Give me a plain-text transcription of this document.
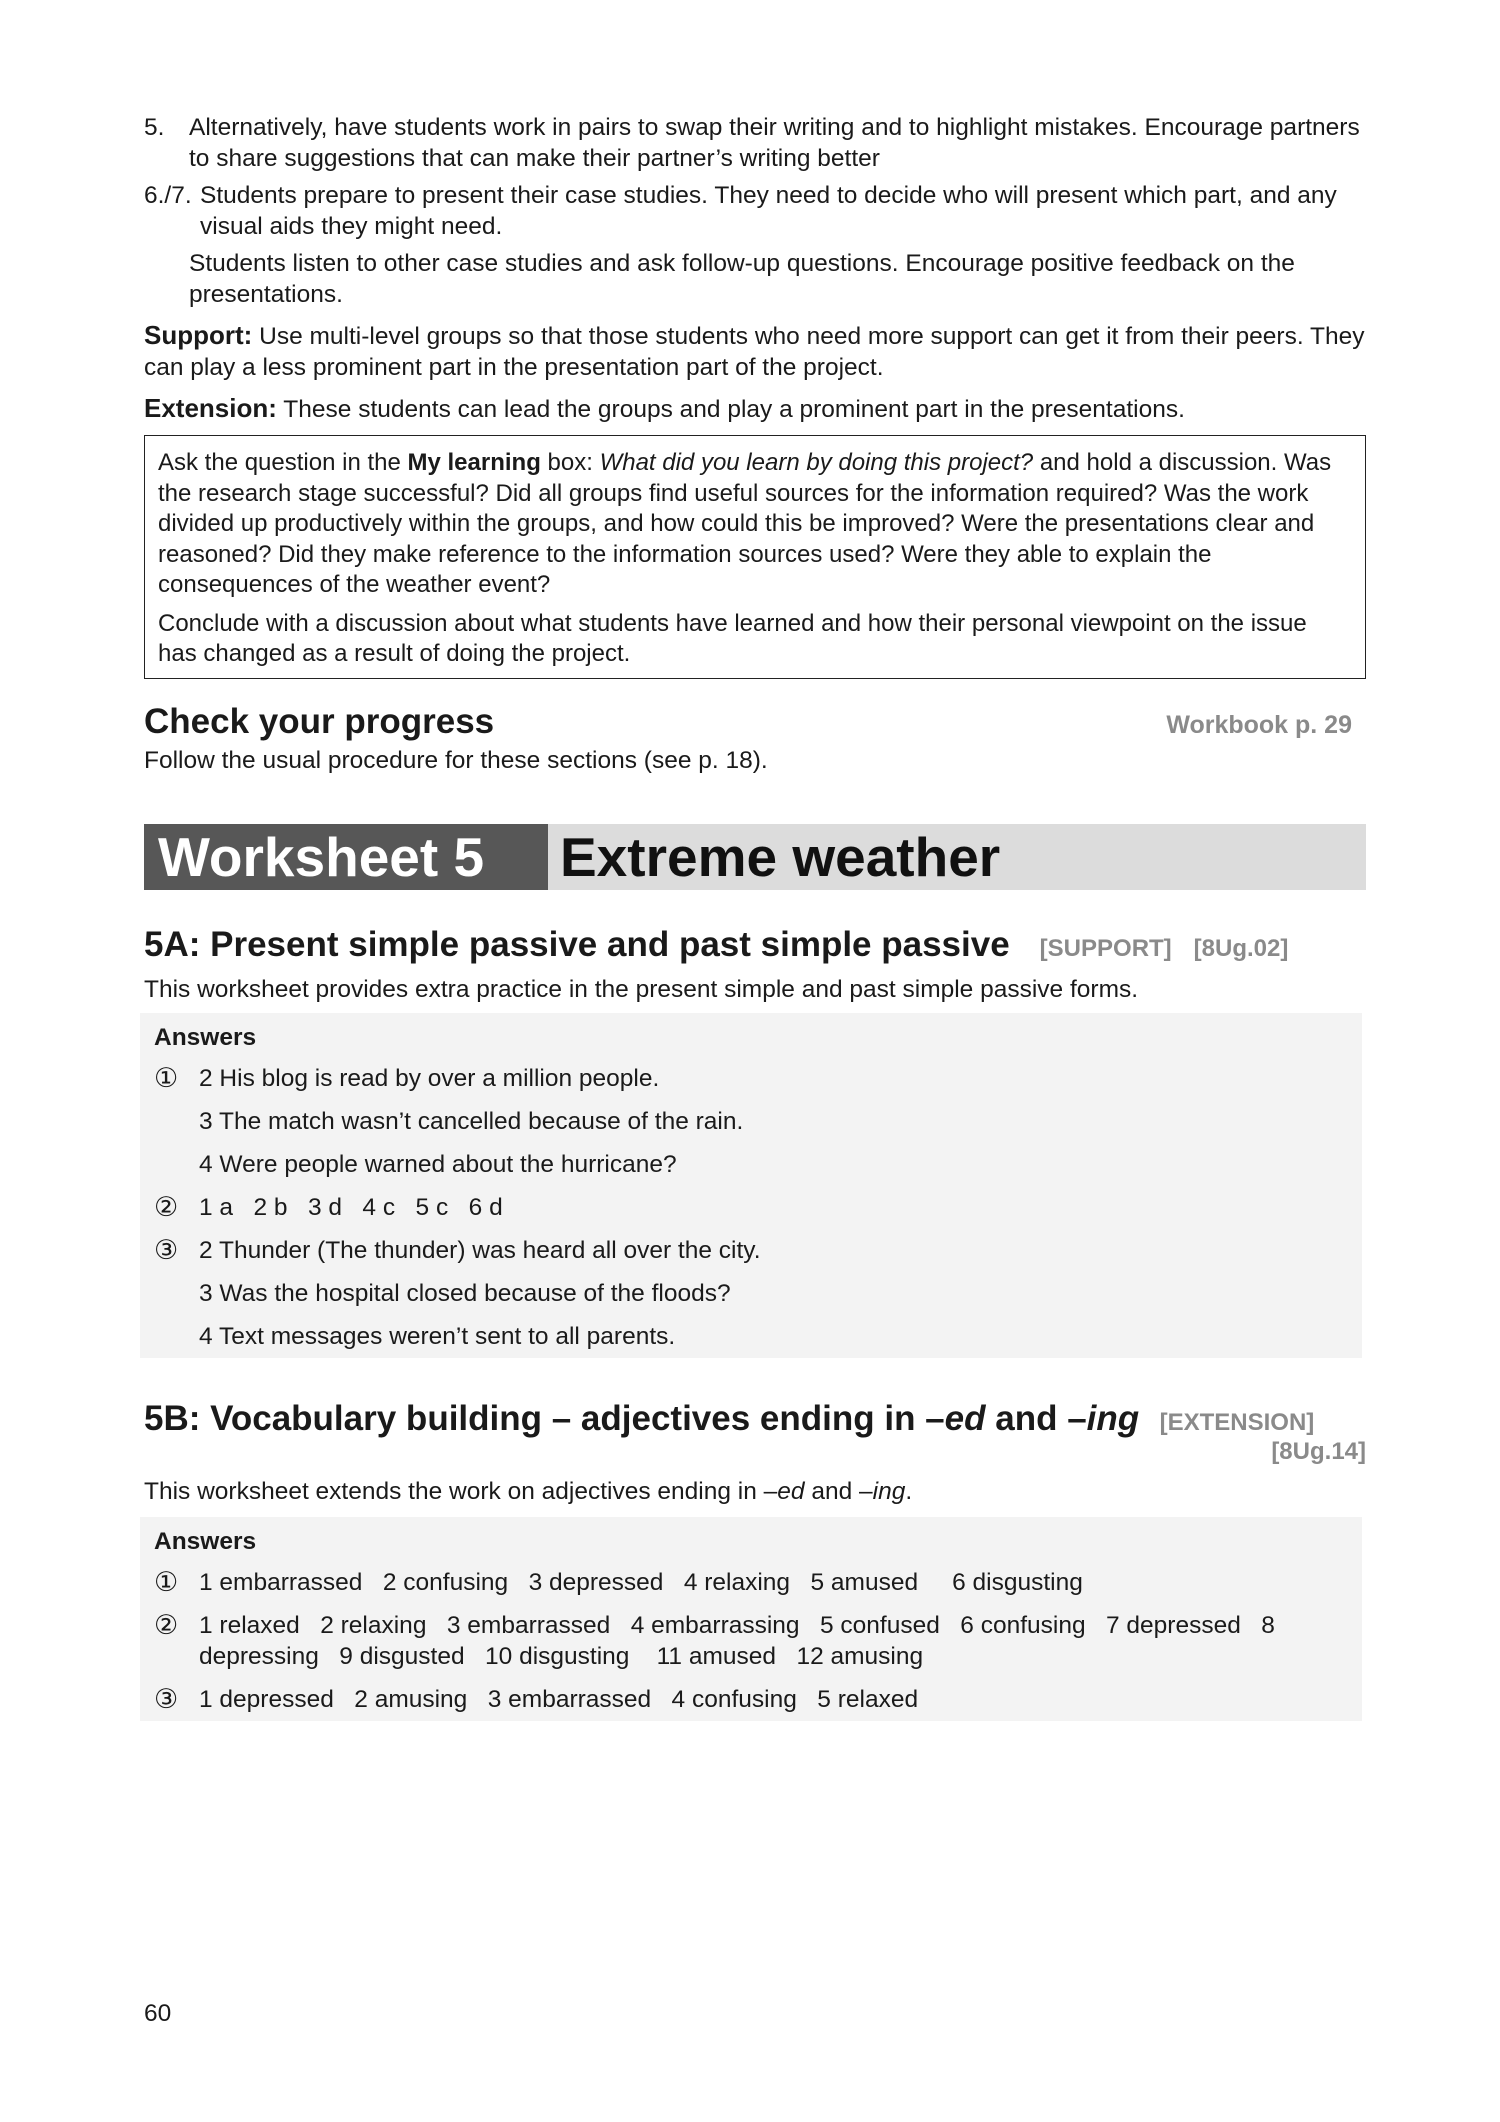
5.	Alternatively, have students work in pairs to swap their writing and to highlight mistakes. Encourage partners to share suggestions that can make their partner’s writing better
6./7. Students prepare to present their case studies. They need to decide who will present which part, and any visual aids they might need.

Students listen to other case studies and ask follow-up questions. Encourage positive feedback on the presentations.

Support: Use multi-level groups so that those students who need more support can get it from their peers. They can play a less prominent part in the presentation part of the project.

Extension: These students can lead the groups and play a prominent part in the presentations.

Ask the question in the My learning box: What did you learn by doing this project? and hold a discussion. Was the research stage successful? Did all groups find useful sources for the information required? Was the work divided up productively within the groups, and how could this be improved? Were the presentations clear and reasoned? Did they make reference to the information sources used? Were they able to explain the consequences of the weather event?

Conclude with a discussion about what students have learned and how their personal viewpoint on the issue has changed as a result of doing the project.

Check your progress	Workbook p. 29

Follow the usual procedure for these sections (see p. 18).

Worksheet 5	Extreme weather
5A: Present simple passive and past simple passive [SUPPORT] [8Ug.02]

This worksheet provides extra practice in the present simple and past simple passive forms.

Answers
① 2 His blog is read by over a million people.
3 The match wasn’t cancelled because of the rain.
4 Were people warned about the hurricane?
② 1 a   2 b   3 d   4 c   5 c   6 d
③ 2 Thunder (The thunder) was heard all over the city.
3 Was the hospital closed because of the floods?
4 Text messages weren’t sent to all parents.
5B: Vocabulary building – adjectives ending in –ed and –ing [EXTENSION]
[8Ug.14]

This worksheet extends the work on adjectives ending in –ed and –ing.

Answers
① 1 embarrassed   2 confusing   3 depressed   4 relaxing   5 amused     6 disgusting
② 1 relaxed   2 relaxing   3 embarrassed   4 embarrassing   5 confused   6 confusing   7 depressed   8 depressing   9 disgusted   10 disgusting    11 amused   12 amusing
③ 1 depressed   2 amusing   3 embarrassed   4 confusing   5 relaxed
60
